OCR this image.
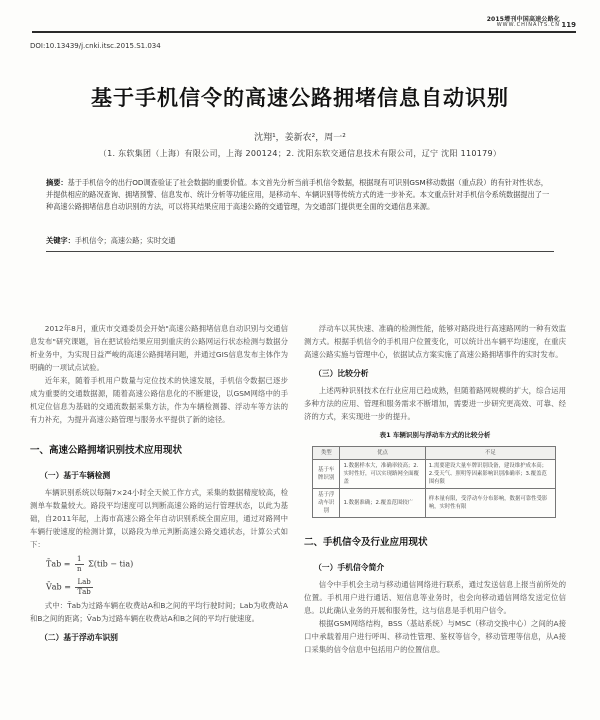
2015增刊中国高速公路化
WWW.CHINAITS.CN 119
DOI:10.13439/j.cnki.itsc.2015.S1.034
基于手机信令的高速公路拥堵信息自动识别
沈翔¹，姜新农²，周一²
（1. 东软集团（上海）有限公司，上海 200124；2. 沈阳东软交通信息技术有限公司，辽宁 沈阳 110179）
摘要：基于手机信令的出行OD调查验证了社会数据的重要价值。本文首先分析当前手机信令数据，根据现有可识别GSM移动数据（重点段）的有针对性状态，并提供相应的路况查询、拥堵预警、信息发布、统计分析等功能应用，是移动车、车辆识别等传统方式的进一步补充。本文重点针对手机信令系统数据提出了一种高速公路拥堵信息自动识别的方法，可以将其结果应用于高速公路的交通管理，为交通部门提供更全面的交通信息来源。
关键字：手机信令；高速公路；实时交通

2012年8月，重庆市交通委员会开始"高速公路拥堵信息自动识别与交通信息发布"研究课题，旨在把试验结果应用到重庆的公路网运行状态检测与数据分析业务中，为实现日益严峻的高速公路拥堵问题，并通过GIS信息发布主体作为明确的一项试点试验。

近年来，随着手机用户数量与定位技术的快速发展，手机信令数据已逐步成为重要的交通数据源，随着高速公路信息化的不断建设，以GSM网络中的手机定位信息为基础的交通流数据采集方法，作为车辆检测器、浮动车等方法的有力补充，为提升高速公路管理与服务水平提供了新的途径。

一、高速公路拥堵识别技术应用现状
（一）基于车辆检测

车辆识别系统以每隔7×24小时全天候工作方式，采集的数据精度较高，检测单车数量较大。路段平均速度可以判断高速公路的运行管理状态，以此为基础，自2011年起，上海市高速公路全年自动识别系统全面应用，通过对路网中车辆行驶速度的检测计算，以路段为单元判断高速公路交通状态，计算公式如下：

T̄ab = $\frac{1}{n} \Sigma(tib - tia)$
V̄ab = $\frac{\text{Lab}}{T̄ab}$

式中：T̄ab为过路车辆在收费站A和B之间的平均行驶时间；Lab为收费站A和B之间的距离；V̄ab为过路车辆在收费站A和B之间的平均行驶速度。

（二）基于浮动车识别

浮动车以其快速、准确的检测性能，能够对路段进行高速路网的一种有效监测方式。根据手机信令的手机用户位置变化，可以统计出车辆平均速度，在重庆高速公路实施与管理中心，依据试点方案实施了高速公路拥堵事件的实时发布。

（三）比较分析

上述两种识别技术在行业应用已趋成熟，但随着路网规模的扩大，综合运用多种方法的应用、管理和服务需求不断增加，需要进一步研究更高效、可靠、经济的方式，来实现进一步的提升。

表1 车辆识别与浮动车方式的比较分析
类型	优点	不足
基于车牌识别	1.数据样本大，准确率较高；2.实时性好，可以实现路网全面覆盖	1.需要建设大量车牌识别设备，建设维护成本高；2.受天气、照明等因素影响识别准确率；3.覆盖范围有限
基于浮动车识别	1.数据准确；2.覆盖范围较广	样本量有限，受浮动车分布影响，数据可靠性受影响，实时性有限
二、手机信令及行业应用现状
（一）手机信令简介

信令中手机会主动与移动通信网络进行联系，通过发送信息上报当前所处的位置。手机用户进行通话、短信息等业务时，也会向移动通信网络发送定位信息。以此确认业务的开展和服务性，这与信息是手机用户信令。

根据GSM网络结构，BSS（基站系统）与MSC（移动交换中心）之间的A接口中承载着用户进行呼叫、移动性管理、鉴权等信令，移动管理等信息，从A接口采集的信令信息中包括用户的位置信息。
